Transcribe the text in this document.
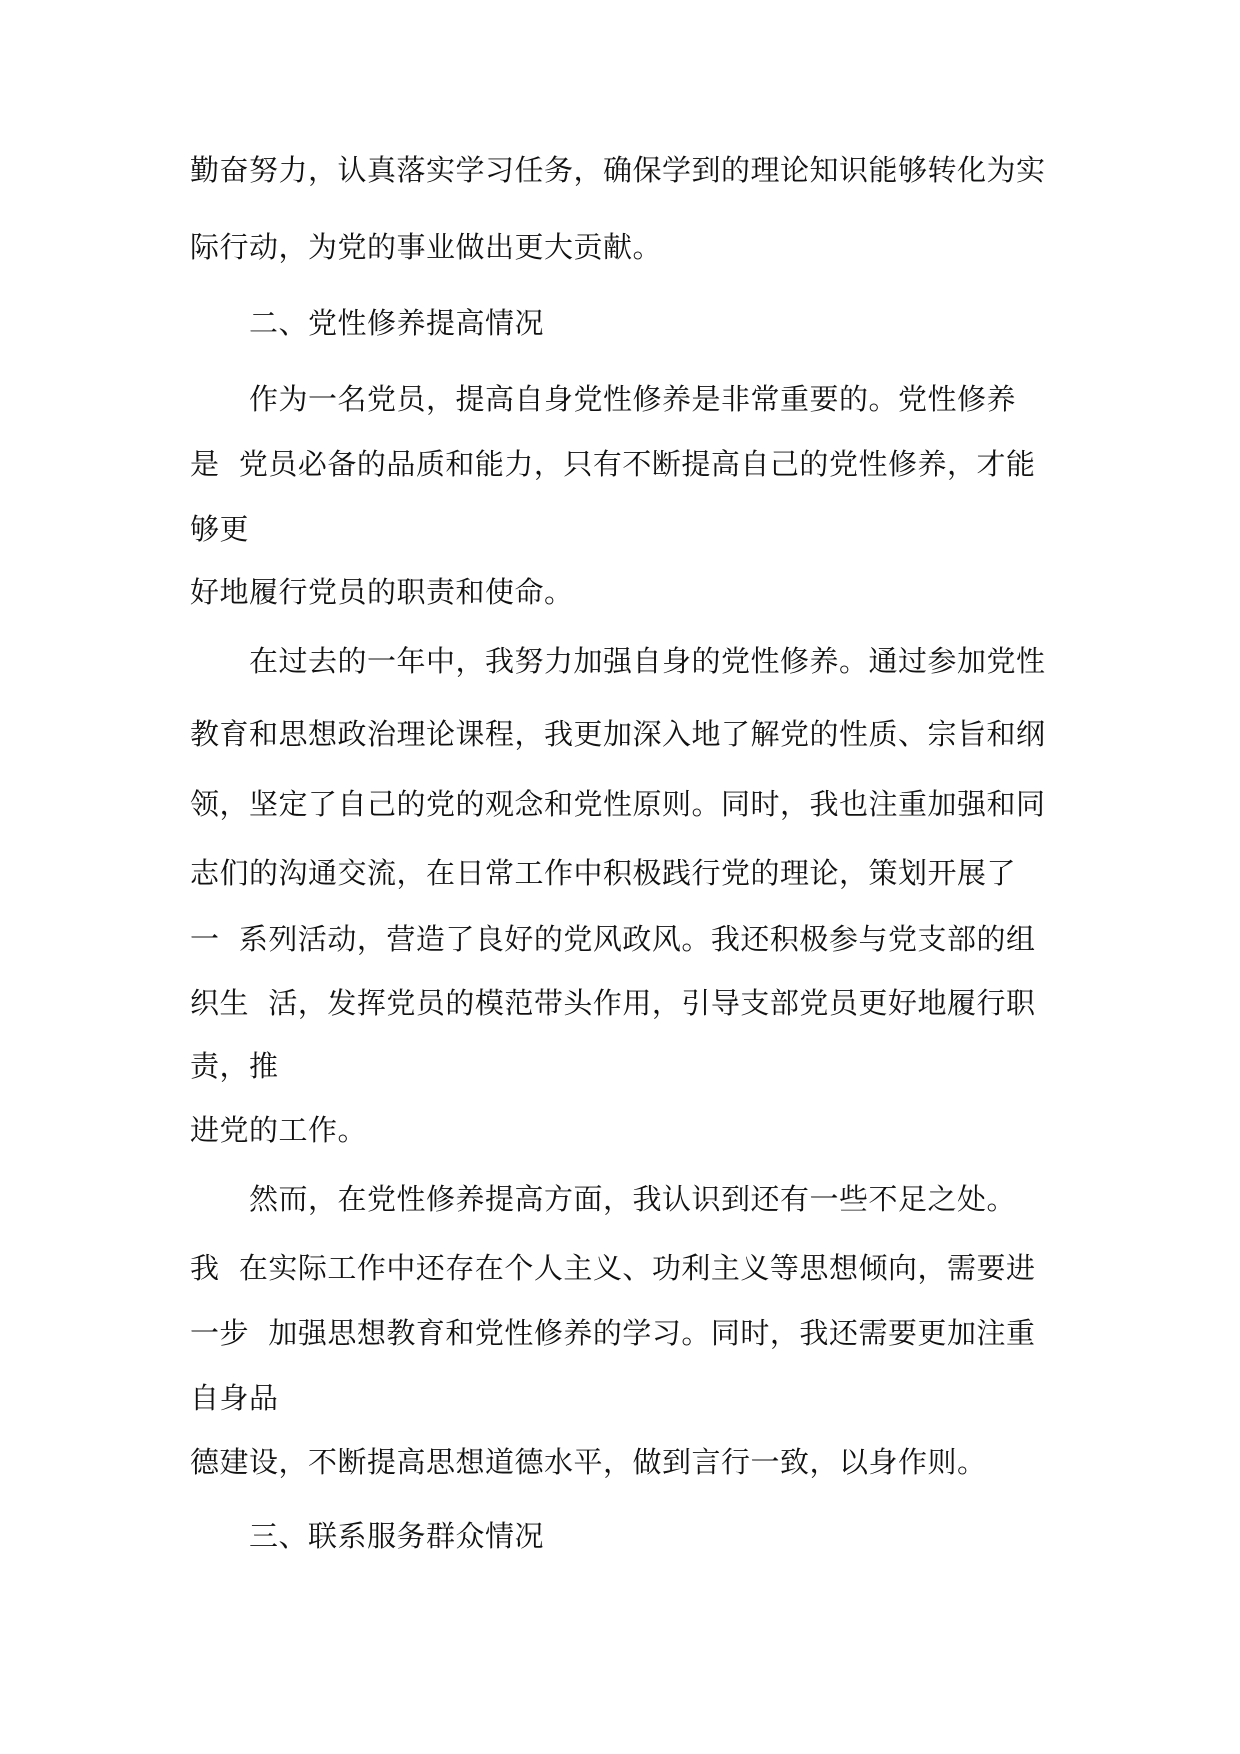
勤奋努力，认真落实学习任务，确保学到的理论知识能够转化为实
际行动，为党的事业做出更大贡献。
二、党性修养提高情况
作为一名党员，提高自身党性修养是非常重要的。党性修养
是  党员必备的品质和能力，只有不断提高自己的党性修养，才能
够更
好地履行党员的职责和使命。
在过去的一年中，我努力加强自身的党性修养。通过参加党性
教育和思想政治理论课程，我更加深入地了解党的性质、宗旨和纲
领，坚定了自己的党的观念和党性原则。同时，我也注重加强和同
志们的沟通交流，在日常工作中积极践行党的理论，策划开展了
一  系列活动，营造了良好的党风政风。我还积极参与党支部的组
织生  活，发挥党员的模范带头作用，引导支部党员更好地履行职
责，推
进党的工作。
然而，在党性修养提高方面，我认识到还有一些不足之处。
我  在实际工作中还存在个人主义、功利主义等思想倾向，需要进
一步  加强思想教育和党性修养的学习。同时，我还需要更加注重
自身品
德建设，不断提高思想道德水平，做到言行一致，以身作则。
三、联系服务群众情况
